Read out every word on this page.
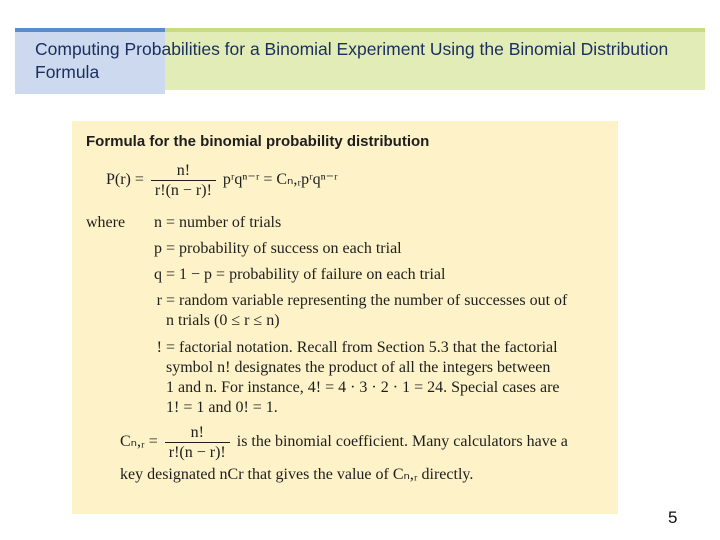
Computing Probabilities for a Binomial Experiment Using the Binomial Distribution Formula
Formula for the binomial probability distribution
$P(r) = \frac{n!}{r!(n - r)!}$ pʳqⁿ⁻ʳ = Cₙ,ᵣpʳqⁿ⁻ʳ
where	n = number of trials
p = probability of success on each trial
q = 1 − p = probability of failure on each trial
r = random variable representing the number of successes out of
n trials (0 ≤ r ≤ n)
! = factorial notation. Recall from Section 5.3 that the factorial
symbol n! designates the product of all the integers between
1 and n. For instance, 4! = 4 · 3 · 2 · 1 = 24. Special cases are
1! = 1 and 0! = 1.
Cₙ,ᵣ = $\frac{n!}{r!(n - r)!}$ is the binomial coefficient. Many calculators have a
key designated nCr that gives the value of Cₙ,ᵣ directly.
5
